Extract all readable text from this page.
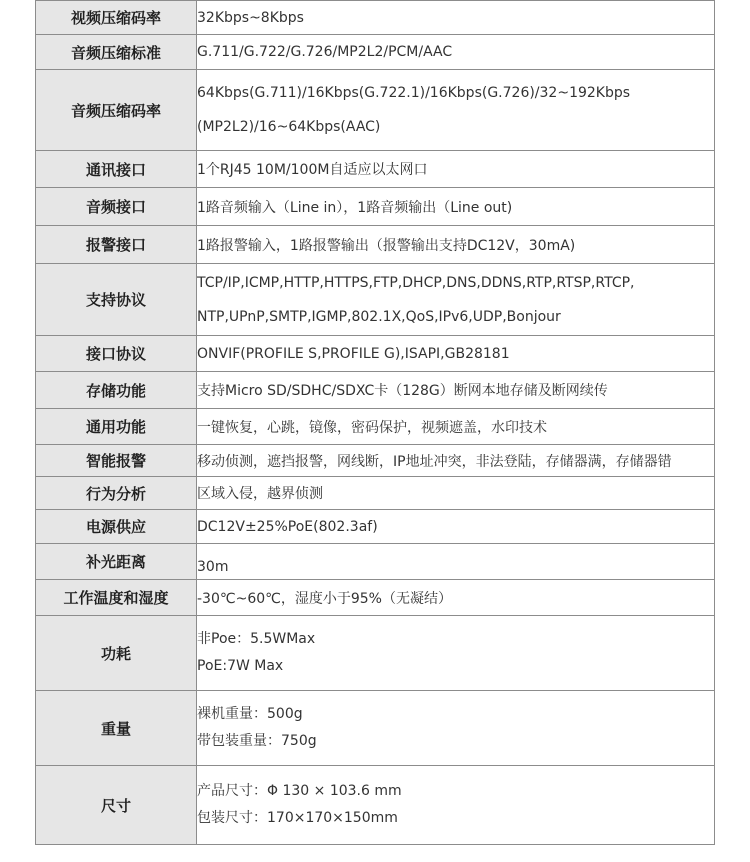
视频压缩码率	32Kbps~8Kbps

音频压缩标准	G.711/G.722/G.726/MP2L2/PCM/AAC

音频压缩码率	64Kbps(G.711)/16Kbps(G.722.1)/16Kbps(G.726)/32~192Kbps
(MP2L2)/16~64Kbps(AAC)

通讯接口	1个RJ45 10M/100M自适应以太网口

音频接口	1路音频输入（Line in），1路音频输出（Line out)

报警接口	1路报警输入，1路报警输出（报警输出支持DC12V，30mA)

支持协议	TCP/IP,ICMP,HTTP,HTTPS,FTP,DHCP,DNS,DDNS,RTP,RTSP,RTCP,
NTP,UPnP,SMTP,IGMP,802.1X,QoS,IPv6,UDP,Bonjour

接口协议	ONVIF(PROFILE S,PROFILE G),ISAPI,GB28181

存储功能	支持Micro SD/SDHC/SDXC卡（128G）断网本地存储及断网续传

通用功能	一键恢复，心跳，镜像，密码保护，视频遮盖，水印技术

智能报警	移动侦测，遮挡报警，网线断，IP地址冲突，非法登陆，存储器满，存储器错

行为分析	区域入侵，越界侦测

电源供应	DC12V±25%PoE(802.3af)

补光距离	30m

工作温度和湿度	-30℃~60℃，湿度小于95%（无凝结）

功耗	非Poe：5.5WMax
PoE:7W Max

重量	裸机重量：500g
带包装重量：750g

尺寸	产品尺寸：Φ 130 × 103.6 mm
包装尺寸：170×170×150mm
